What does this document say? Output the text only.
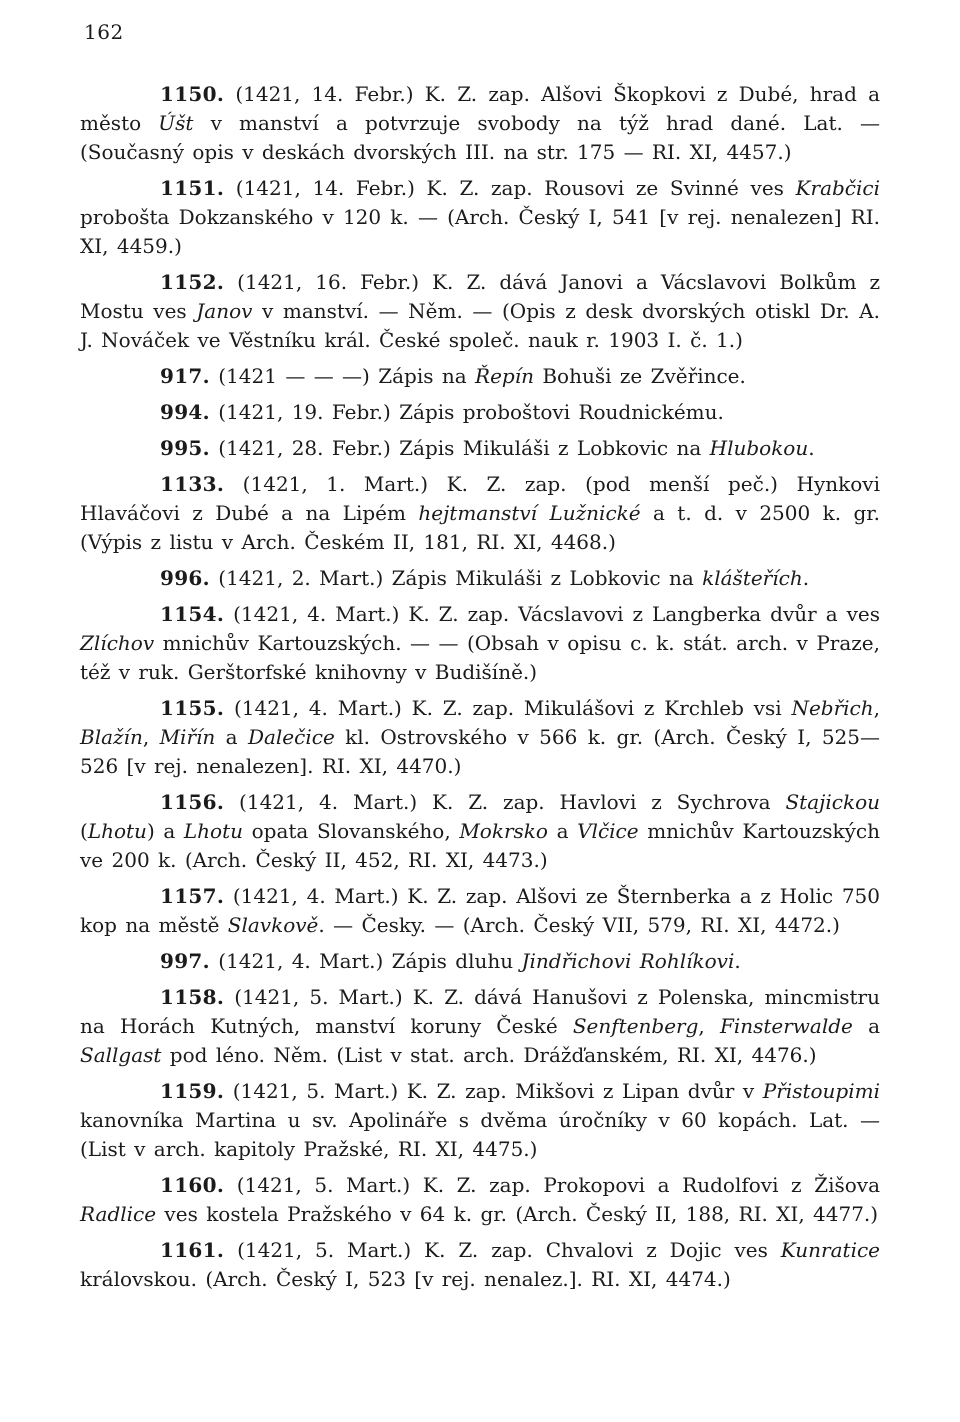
162

1150. (1421, 14. Febr.) K. Z. zap. Alšovi Škopkovi z Dubé, hrad a město Úšt v manství a potvrzuje svobody na týž hrad dané. Lat. — (Současný opis v deskách dvorských III. na str. 175 — RI. XI, 4457.)

1151. (1421, 14. Febr.) K. Z. zap. Rousovi ze Svinné ves Krabčici probošta Dokzanského v 120 k. — (Arch. Český I, 541 [v rej. nenalezen] RI. XI, 4459.)

1152. (1421, 16. Febr.) K. Z. dává Janovi a Vácslavovi Bolkům z Mostu ves Janov v manství. — Něm. — (Opis z desk dvorských otiskl Dr. A. J. Nováček ve Věstníku král. České společ. nauk r. 1903 I. č. 1.)

917. (1421 — — —) Zápis na Řepín Bohuši ze Zvěřince.

994. (1421, 19. Febr.) Zápis proboštovi Roudnickému.

995. (1421, 28. Febr.) Zápis Mikuláši z Lobkovic na Hlubokou.

1133. (1421, 1. Mart.) K. Z. zap. (pod menší peč.) Hynkovi Hlaváčovi z Dubé a na Lipém hejtmanství Lužnické a t. d. v 2500 k. gr. (Výpis z listu v Arch. Českém II, 181, RI. XI, 4468.)

996. (1421, 2. Mart.) Zápis Mikuláši z Lobkovic na klášteřích.

1154. (1421, 4. Mart.) K. Z. zap. Vácslavovi z Langberka dvůr a ves Zlíchov mnichův Kartouzských. — — (Obsah v opisu c. k. stát. arch. v Praze, též v ruk. Gerštorfské knihovny v Budišíně.)

1155. (1421, 4. Mart.) K. Z. zap. Mikulášovi z Krchleb vsi Nebřich, Blažín, Miřín a Dalečice kl. Ostrovského v 566 k. gr. (Arch. Český I, 525—526 [v rej. nenalezen]. RI. XI, 4470.)

1156. (1421, 4. Mart.) K. Z. zap. Havlovi z Sychrova Stajickou (Lhotu) a Lhotu opata Slovanského, Mokrsko a Vlčice mnichův Kartouzských ve 200 k. (Arch. Český II, 452, RI. XI, 4473.)

1157. (1421, 4. Mart.) K. Z. zap. Alšovi ze Šternberka a z Holic 750 kop na městě Slavkově. — Česky. — (Arch. Český VII, 579, RI. XI, 4472.)

997. (1421, 4. Mart.) Zápis dluhu Jindřichovi Rohlíkovi.

1158. (1421, 5. Mart.) K. Z. dává Hanušovi z Polenska, mincmistru na Horách Kutných, manství koruny České Senftenberg, Finsterwalde a Sallgast pod léno. Něm. (List v stat. arch. Drážďanském, RI. XI, 4476.)

1159. (1421, 5. Mart.) K. Z. zap. Mikšovi z Lipan dvůr v Přistoupimi kanovníka Martina u sv. Apolináře s dvěma úročníky v 60 kopách. Lat. — (List v arch. kapitoly Pražské, RI. XI, 4475.)

1160. (1421, 5. Mart.) K. Z. zap. Prokopovi a Rudolfovi z Žišova Radlice ves kostela Pražského v 64 k. gr. (Arch. Český II, 188, RI. XI, 4477.)

1161. (1421, 5. Mart.) K. Z. zap. Chvalovi z Dojic ves Kunratice královskou. (Arch. Český I, 523 [v rej. nenalez.]. RI. XI, 4474.)
